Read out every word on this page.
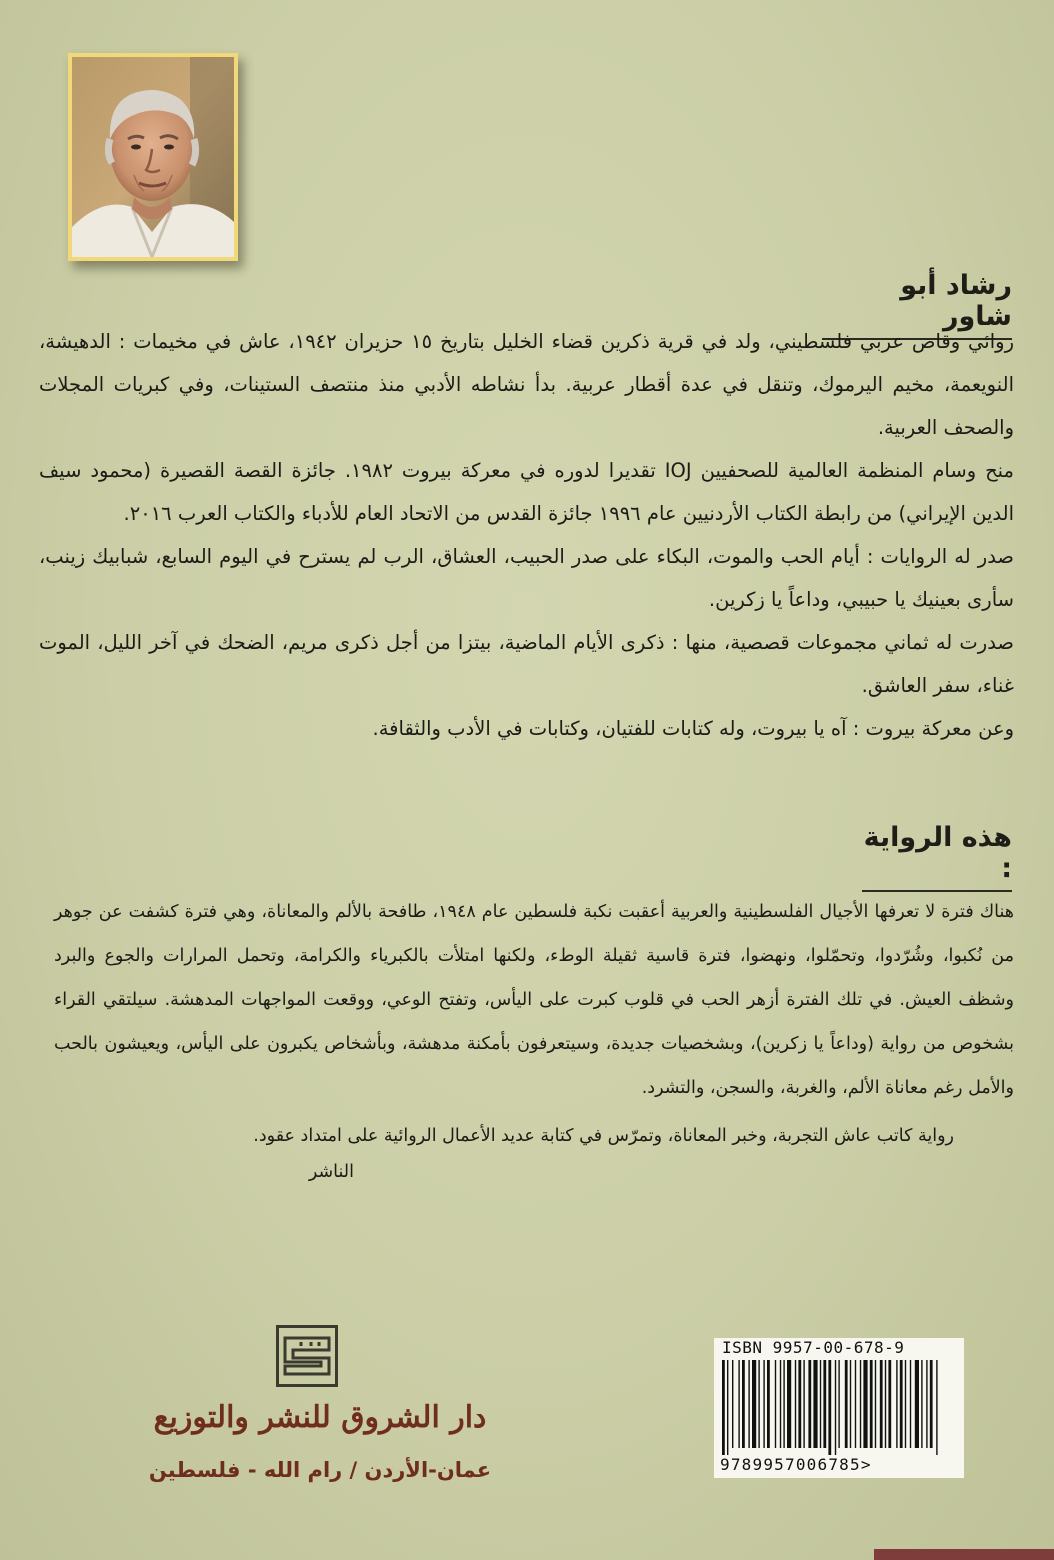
رشاد أبو شاور

روائي وقاص عربي فلسطيني، ولد في قرية ذكرين قضاء الخليل بتاريخ ١٥ حزيران ١٩٤٢، عاش في مخيمات : الدهيشة، النويعمة، مخيم اليرموك، وتنقل في عدة أقطار عربية. بدأ نشاطه الأدبي منذ منتصف الستينات، وفي كبريات المجلات والصحف العربية.

منح وسام المنظمة العالمية للصحفيين IOJ تقديرا لدوره في معركة بيروت ١٩٨٢. جائزة القصة القصيرة (محمود سيف الدين الإيراني) من رابطة الكتاب الأردنيين عام ١٩٩٦ جائزة القدس من الاتحاد العام للأدباء والكتاب العرب ٢٠١٦.

صدر له الروايات : أيام الحب والموت، البكاء على صدر الحبيب، العشاق، الرب لم يسترح في اليوم السابع، شبابيك زينب، سأرى بعينيك يا حبيبي، وداعاً يا زكرين.

صدرت له ثماني مجموعات قصصية، منها : ذكرى الأيام الماضية، بيتزا من أجل ذكرى مريم، الضحك في آخر الليل، الموت غناء، سفر العاشق.

وعن معركة بيروت : آه يا بيروت، وله كتابات للفتيان، وكتابات في الأدب والثقافة.

هذه الرواية :

هناك فترة لا تعرفها الأجيال الفلسطينية والعربية أعقبت نكبة فلسطين عام ١٩٤٨، طافحة بالألم والمعاناة، وهي فترة كشفت عن جوهر من نُكبوا، وشُرّدوا، وتحمّلوا، ونهضوا، فترة قاسية ثقيلة الوطء، ولكنها امتلأت بالكبرياء والكرامة، وتحمل المرارات والجوع والبرد وشظف العيش. في تلك الفترة أزهر الحب في قلوب كبرت على اليأس، وتفتح الوعي، ووقعت المواجهات المدهشة. سيلتقي القراء بشخوص من رواية (وداعاً يا زكرين)، وبشخصيات جديدة، وسيتعرفون بأمكنة مدهشة، وبأشخاص يكبرون على اليأس، ويعيشون بالحب والأمل رغم معاناة الألم، والغربة، والسجن، والتشرد.

رواية كاتب عاش التجربة، وخبر المعاناة، وتمرّس في كتابة عديد الأعمال الروائية على امتداد عقود.

الناشر

دار الشروق للنشر والتوزيع
عمان-الأردن / رام الله - فلسطين
ISBN 9957-00-678-9
9789957006785>
